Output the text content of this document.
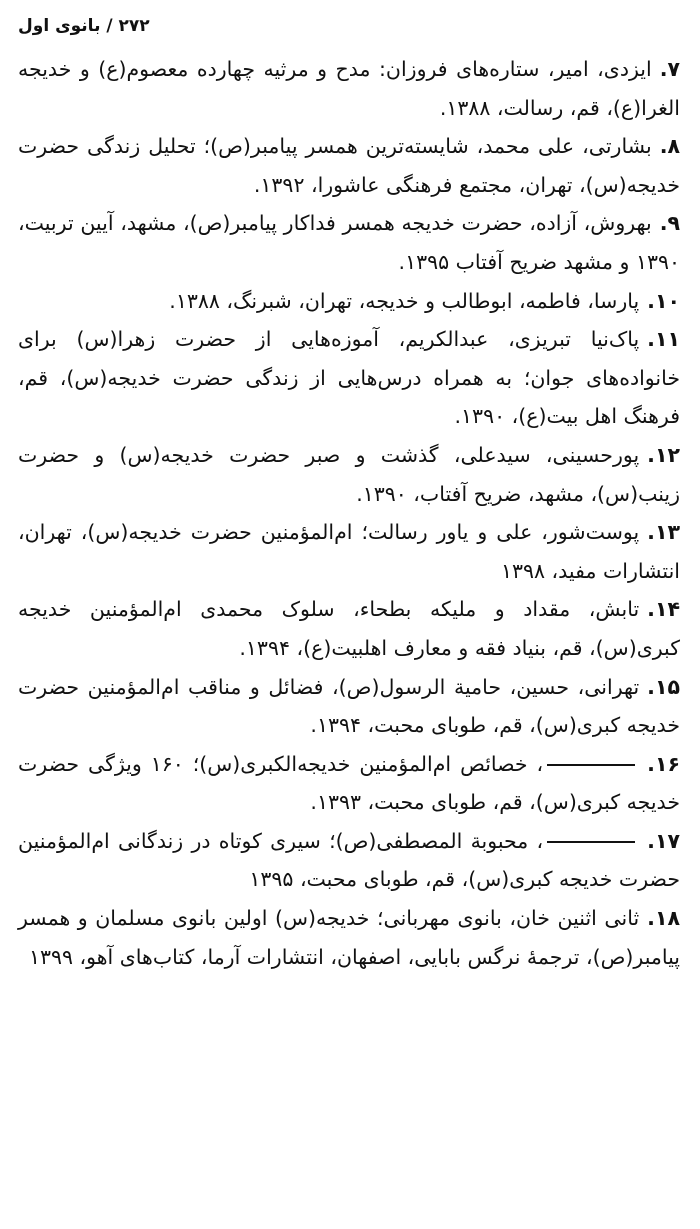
۲۷۲ / بانوی اول

۷.ایزدی، امیر، ستاره‌های فروزان: مدح و مرثیه چهارده معصوم(ع) و خدیجه الغرا(ع)، قم، رسالت، ۱۳۸۸.

۸.بشارتی، علی محمد، شایسته‌ترین همسر پیامبر(ص)؛ تحلیل زندگی حضرت خدیجه(س)، تهران، مجتمع فرهنگی عاشورا، ۱۳۹۲.

۹.بهروش، آزاده، حضرت خدیجه همسر فداکار پیامبر(ص)، مشهد، آیین تربیت، ۱۳۹۰ و مشهد ضریح آفتاب ۱۳۹۵.

۱۰.پارسا، فاطمه، ابوطالب و خدیجه، تهران، شبرنگ، ۱۳۸۸.

۱۱.پاک‌نیا تبریزی، عبدالکریم، آموزه‌هایی از حضرت زهرا(س) برای خانواده‌های جوان؛ به همراه درس‌هایی از زندگی حضرت خدیجه(س)، قم، فرهنگ اهل بیت(ع)، ۱۳۹۰.

۱۲.پورحسینی، سیدعلی، گذشت و صبر حضرت خدیجه(س) و حضرت زینب(س)، مشهد، ضریح آفتاب، ۱۳۹۰.

۱۳.پوست‌شور، علی و یاور رسالت؛ ام‌المؤمنین حضرت خدیجه(س)، تهران، انتشارات مفید، ۱۳۹۸

۱۴.تابش، مقداد و ملیکه بطحاء، سلوک محمدی ام‌المؤمنین خدیجه کبری(س)، قم، بنیاد فقه و معارف اهلبیت(ع)، ۱۳۹۴.

۱۵.تهرانی، حسین، حامیة الرسول(ص)، فضائل و مناقب ام‌المؤمنین حضرت خدیجه کبری(س)، قم، طوبای محبت، ۱۳۹۴.

۱۶.، خصائص ام‌المؤمنین خدیجه‌الکبری(س)؛ ۱۶۰ ویژگی حضرت خدیجه کبری(س)، قم، طوبای محبت، ۱۳۹۳.

۱۷.، محبوبة المصطفی(ص)؛ سیری کوتاه در زندگانی ام‌المؤمنین حضرت خدیجه کبری(س)، قم، طوبای محبت، ۱۳۹۵

۱۸.ثانی اثنین خان، بانوی مهربانی؛ خدیجه(س) اولین بانوی مسلمان و همسر پیامبر(ص)، ترجمهٔ نرگس بابایی، اصفهان، انتشارات آرما، کتاب‌های آهو، ۱۳۹۹
